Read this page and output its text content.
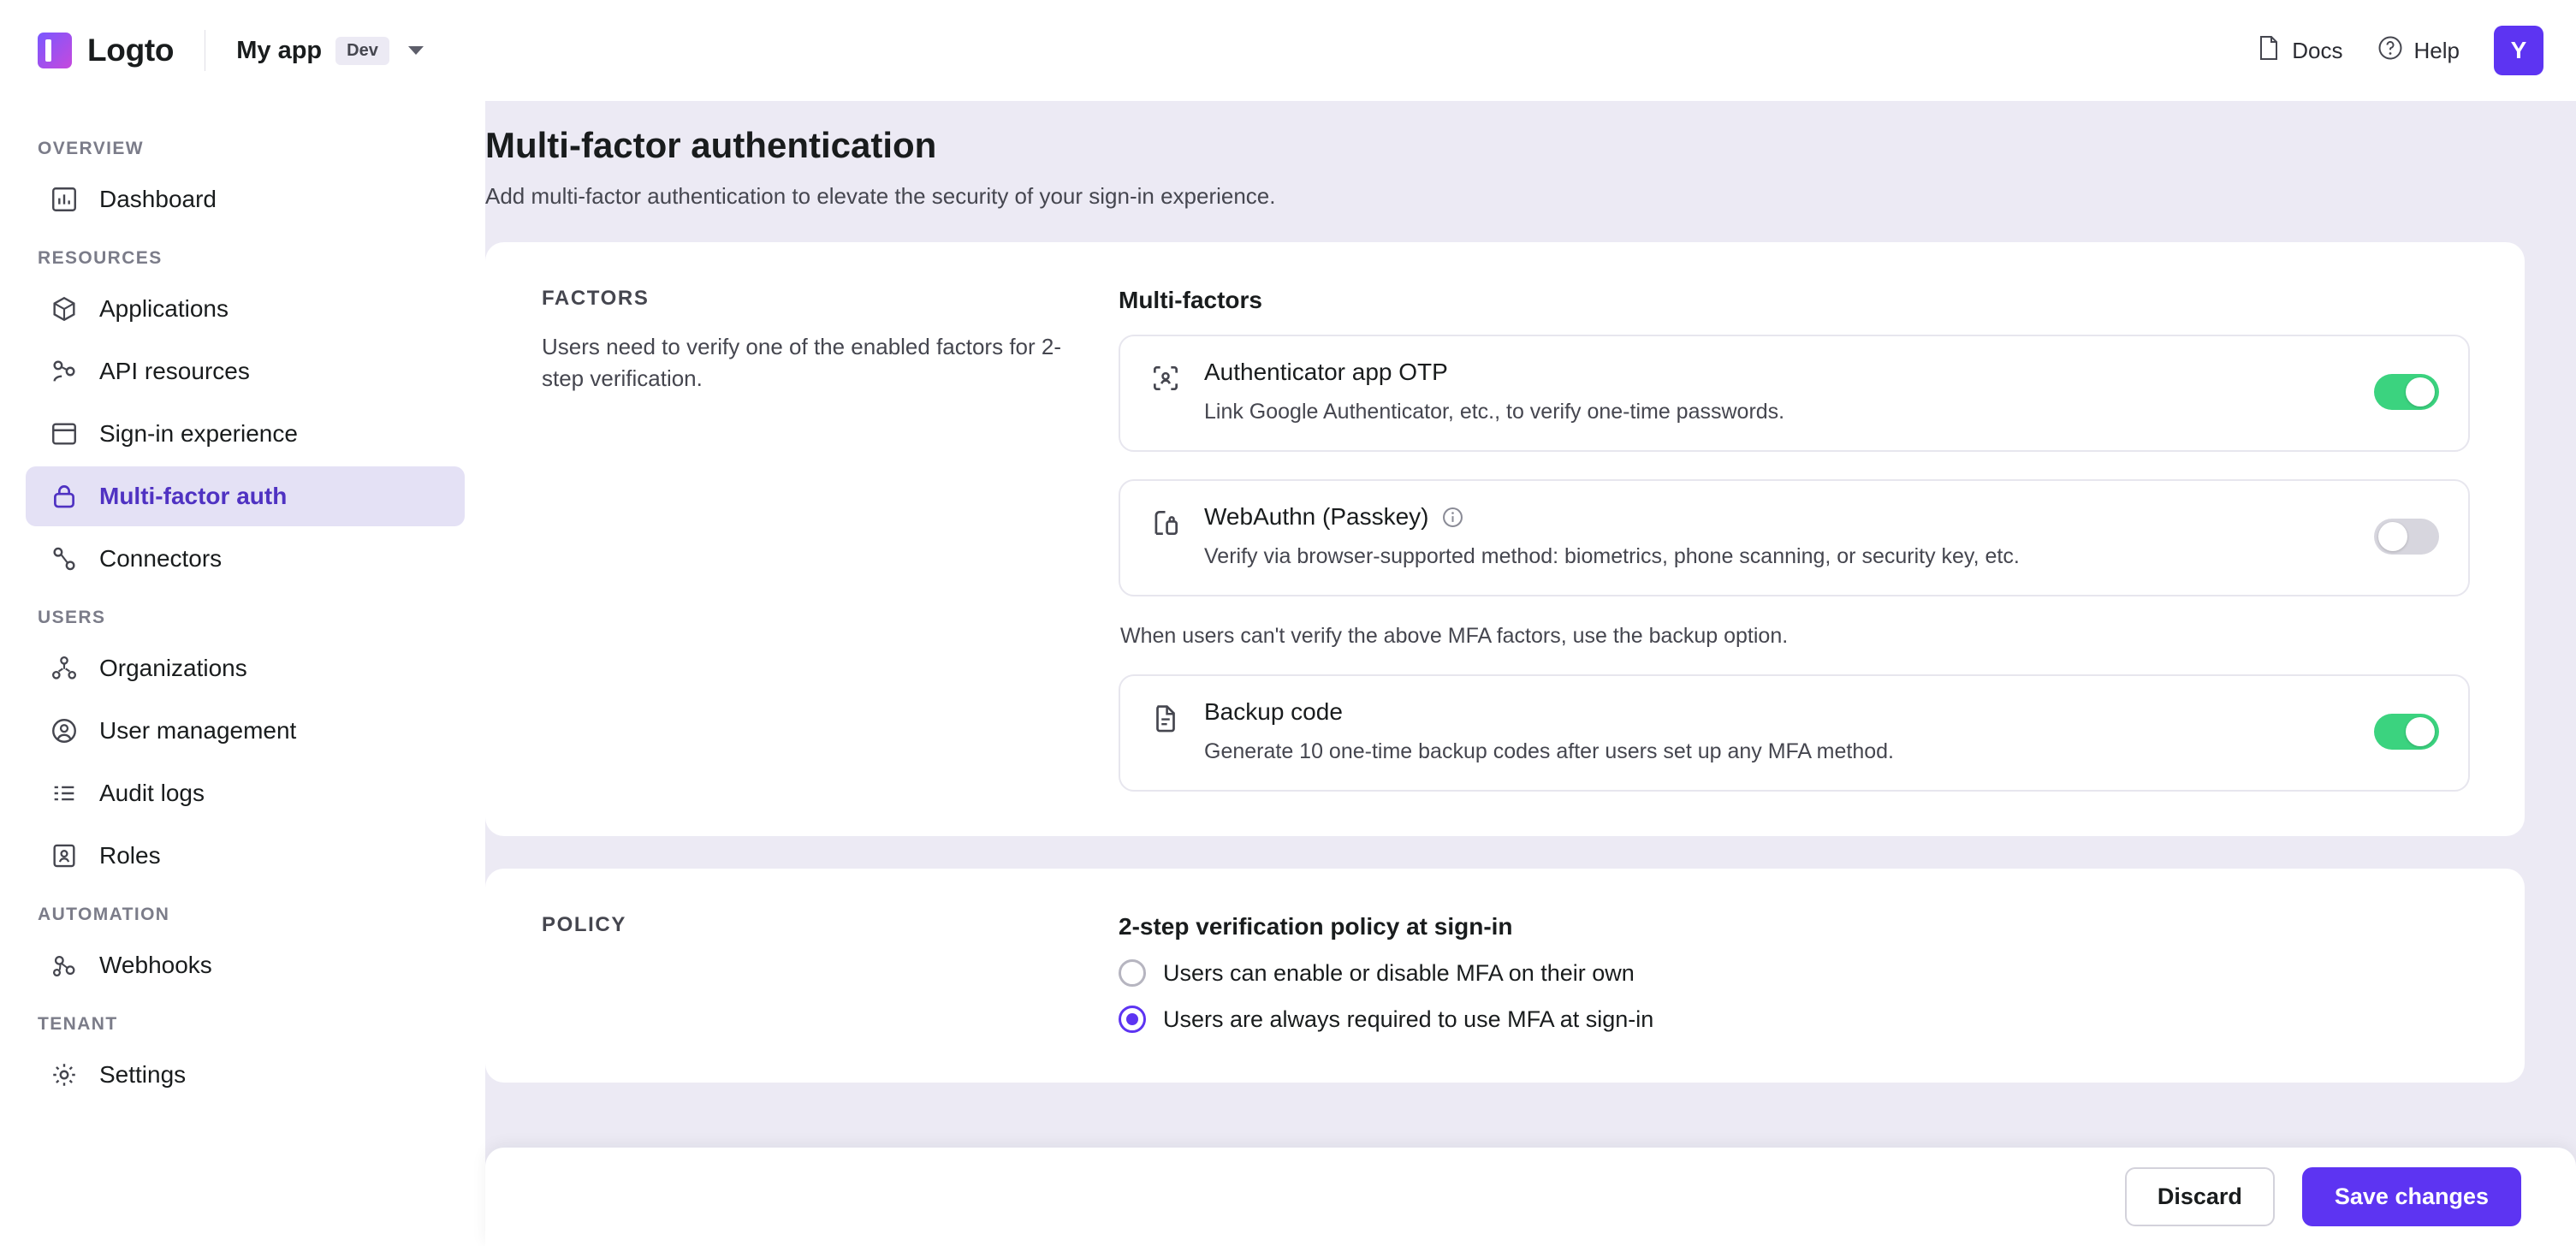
Logto	My app	Dev	Docs	Help	Y
OVERVIEW
Dashboard
RESOURCES
Applications
API resources
Sign-in experience
Multi-factor auth
Connectors
USERS
Organizations
User management
Audit logs
Roles
AUTOMATION
Webhooks
TENANT
Settings
Multi-factor authentication
Add multi-factor authentication to elevate the security of your sign-in experience.
FACTORS
Users need to verify one of the enabled factors for 2-step verification.
Multi-factors
Authenticator app OTP
Link Google Authenticator, etc., to verify one-time passwords.
WebAuthn (Passkey)
Verify via browser-supported method: biometrics, phone scanning, or security key, etc.
When users can't verify the above MFA factors, use the backup option.
Backup code
Generate 10 one-time backup codes after users set up any MFA method.
POLICY	2-step verification policy at sign-in
Users can enable or disable MFA on their own
Users are always required to use MFA at sign-in
Discard	Save changes
